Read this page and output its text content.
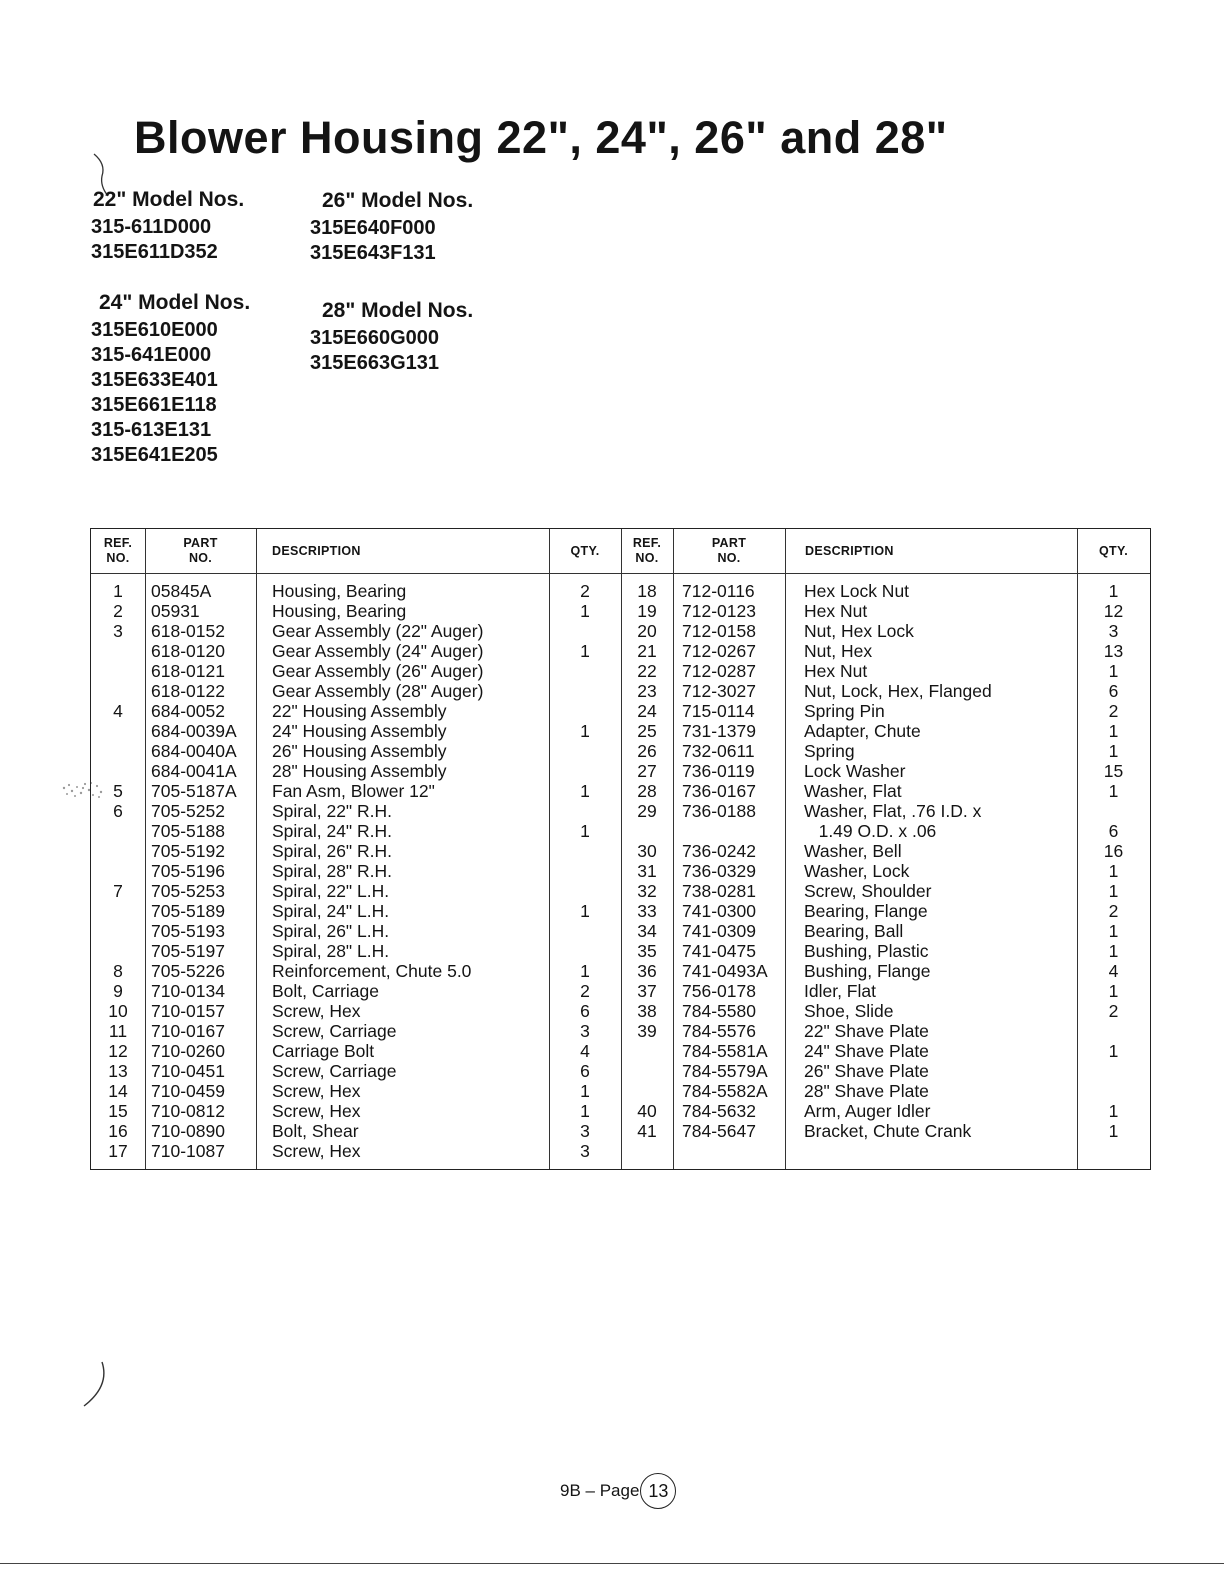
Blower Housing 22", 24", 26" and 28"
22" Model Nos.
315-611D000
315E611D352
26" Model Nos.
315E640F000
315E643F131
24" Model Nos.
315E610E000
315-641E000
315E633E401
315E661E118
315-613E131
315E641E205
28" Model Nos.
315E660G000
315E663G131
REF.
NO.
PART
NO.
DESCRIPTION	QTY.
REF.
NO.
PART
NO.
DESCRIPTION	QTY.
1
2
3
4
5
6
7
8
9
10
11
12
13
14
15
16
17
05845A
05931
618-0152
618-0120
618-0121
618-0122
684-0052
684-0039A
684-0040A
684-0041A
705-5187A
705-5252
705-5188
705-5192
705-5196
705-5253
705-5189
705-5193
705-5197
705-5226
710-0134
710-0157
710-0167
710-0260
710-0451
710-0459
710-0812
710-0890
710-1087
Housing, Bearing
Housing, Bearing
Gear Assembly (22" Auger)
Gear Assembly (24" Auger)
Gear Assembly (26" Auger)
Gear Assembly (28" Auger)
22" Housing Assembly
24" Housing Assembly
26" Housing Assembly
28" Housing Assembly
Fan Asm, Blower 12"
Spiral, 22" R.H.
Spiral, 24" R.H.
Spiral, 26" R.H.
Spiral, 28" R.H.
Spiral, 22" L.H.
Spiral, 24" L.H.
Spiral, 26" L.H.
Spiral, 28" L.H.
Reinforcement, Chute 5.0
Bolt, Carriage
Screw, Hex
Screw, Carriage
Carriage Bolt
Screw, Carriage
Screw, Hex
Screw, Hex
Bolt, Shear
Screw, Hex
2
1
1
1
1
1
1
1
2
6
3
4
6
1
1
3
3
18
19
20
21
22
23
24
25
26
27
28
29
30
31
32
33
34
35
36
37
38
39
40
41
712-0116
712-0123
712-0158
712-0267
712-0287
712-3027
715-0114
731-1379
732-0611
736-0119
736-0167
736-0188
736-0242
736-0329
738-0281
741-0300
741-0309
741-0475
741-0493A
756-0178
784-5580
784-5576
784-5581A
784-5579A
784-5582A
784-5632
784-5647
Hex Lock Nut
Hex Nut
Nut, Hex Lock
Nut, Hex
Hex Nut
Nut, Lock, Hex, Flanged
Spring Pin
Adapter, Chute
Spring
Lock Washer
Washer, Flat
Washer, Flat, .76 I.D. x
1.49 O.D. x .06
Washer, Bell
Washer, Lock
Screw, Shoulder
Bearing, Flange
Bearing, Ball
Bushing, Plastic
Bushing, Flange
Idler, Flat
Shoe, Slide
22" Shave Plate
24" Shave Plate
26" Shave Plate
28" Shave Plate
Arm, Auger Idler
Bracket, Chute Crank
1
12
3
13
1
6
2
1
1
15
1
6
16
1
1
2
1
1
4
1
2
1
1
1
9B – Page 13
